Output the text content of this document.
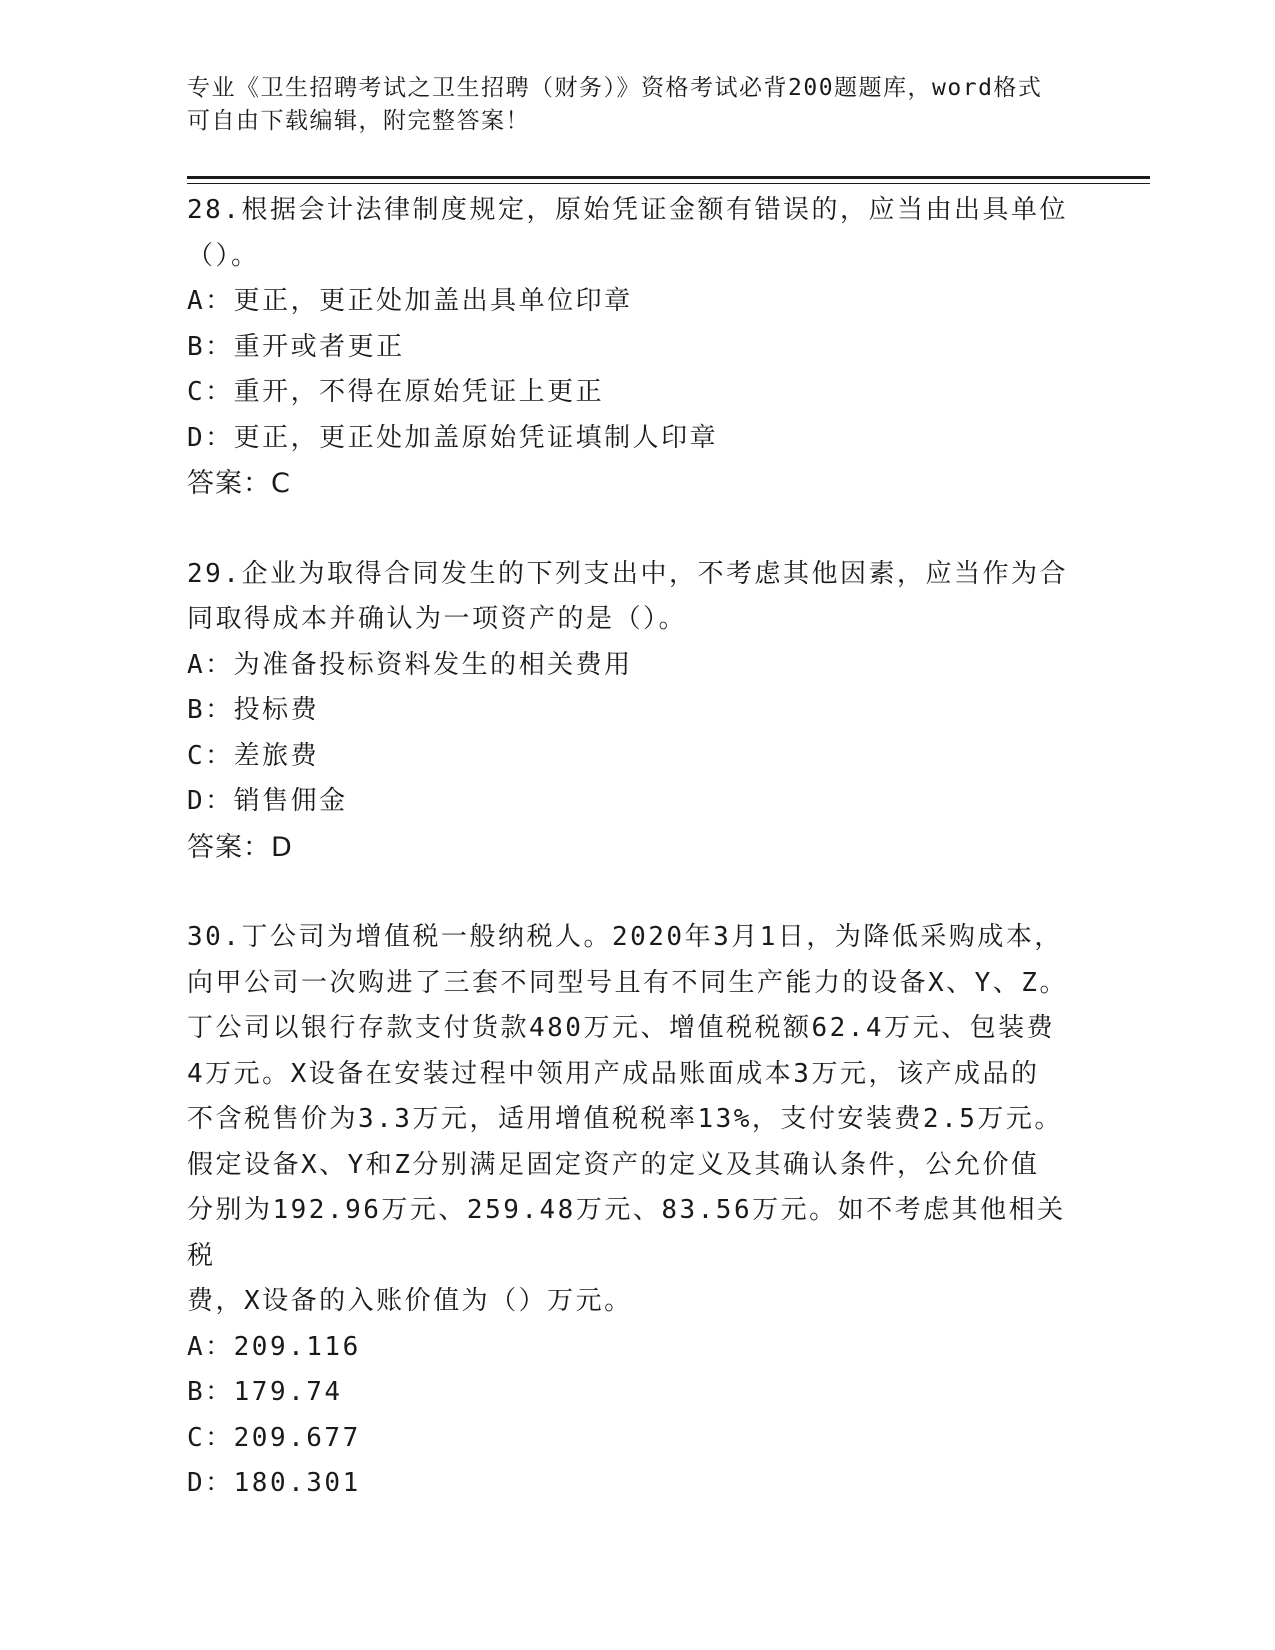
专业《卫生招聘考试之卫生招聘（财务）》资格考试必背200题题库，word格式
可自由下载编辑，附完整答案！

28.根据会计法律制度规定，原始凭证金额有错误的，应当由出具单位

（）。

A：更正，更正处加盖出具单位印章

B：重开或者更正

C：重开，不得在原始凭证上更正

D：更正，更正处加盖原始凭证填制人印章

答案：C

29.企业为取得合同发生的下列支出中，不考虑其他因素，应当作为合

同取得成本并确认为一项资产的是（）。

A：为准备投标资料发生的相关费用

B：投标费

C：差旅费

D：销售佣金

答案：D

30.丁公司为增值税一般纳税人。2020年3月1日，为降低采购成本，

向甲公司一次购进了三套不同型号且有不同生产能力的设备X、Y、Z。

丁公司以银行存款支付货款480万元、增值税税额62.4万元、包装费

4万元。X设备在安装过程中领用产成品账面成本3万元，该产成品的

不含税售价为3.3万元，适用增值税税率13%，支付安装费2.5万元。

假定设备X、Y和Z分别满足固定资产的定义及其确认条件，公允价值

分别为192.96万元、259.48万元、83.56万元。如不考虑其他相关税

费，X设备的入账价值为（）万元。

A：209.116

B：179.74

C：209.677

D：180.301
